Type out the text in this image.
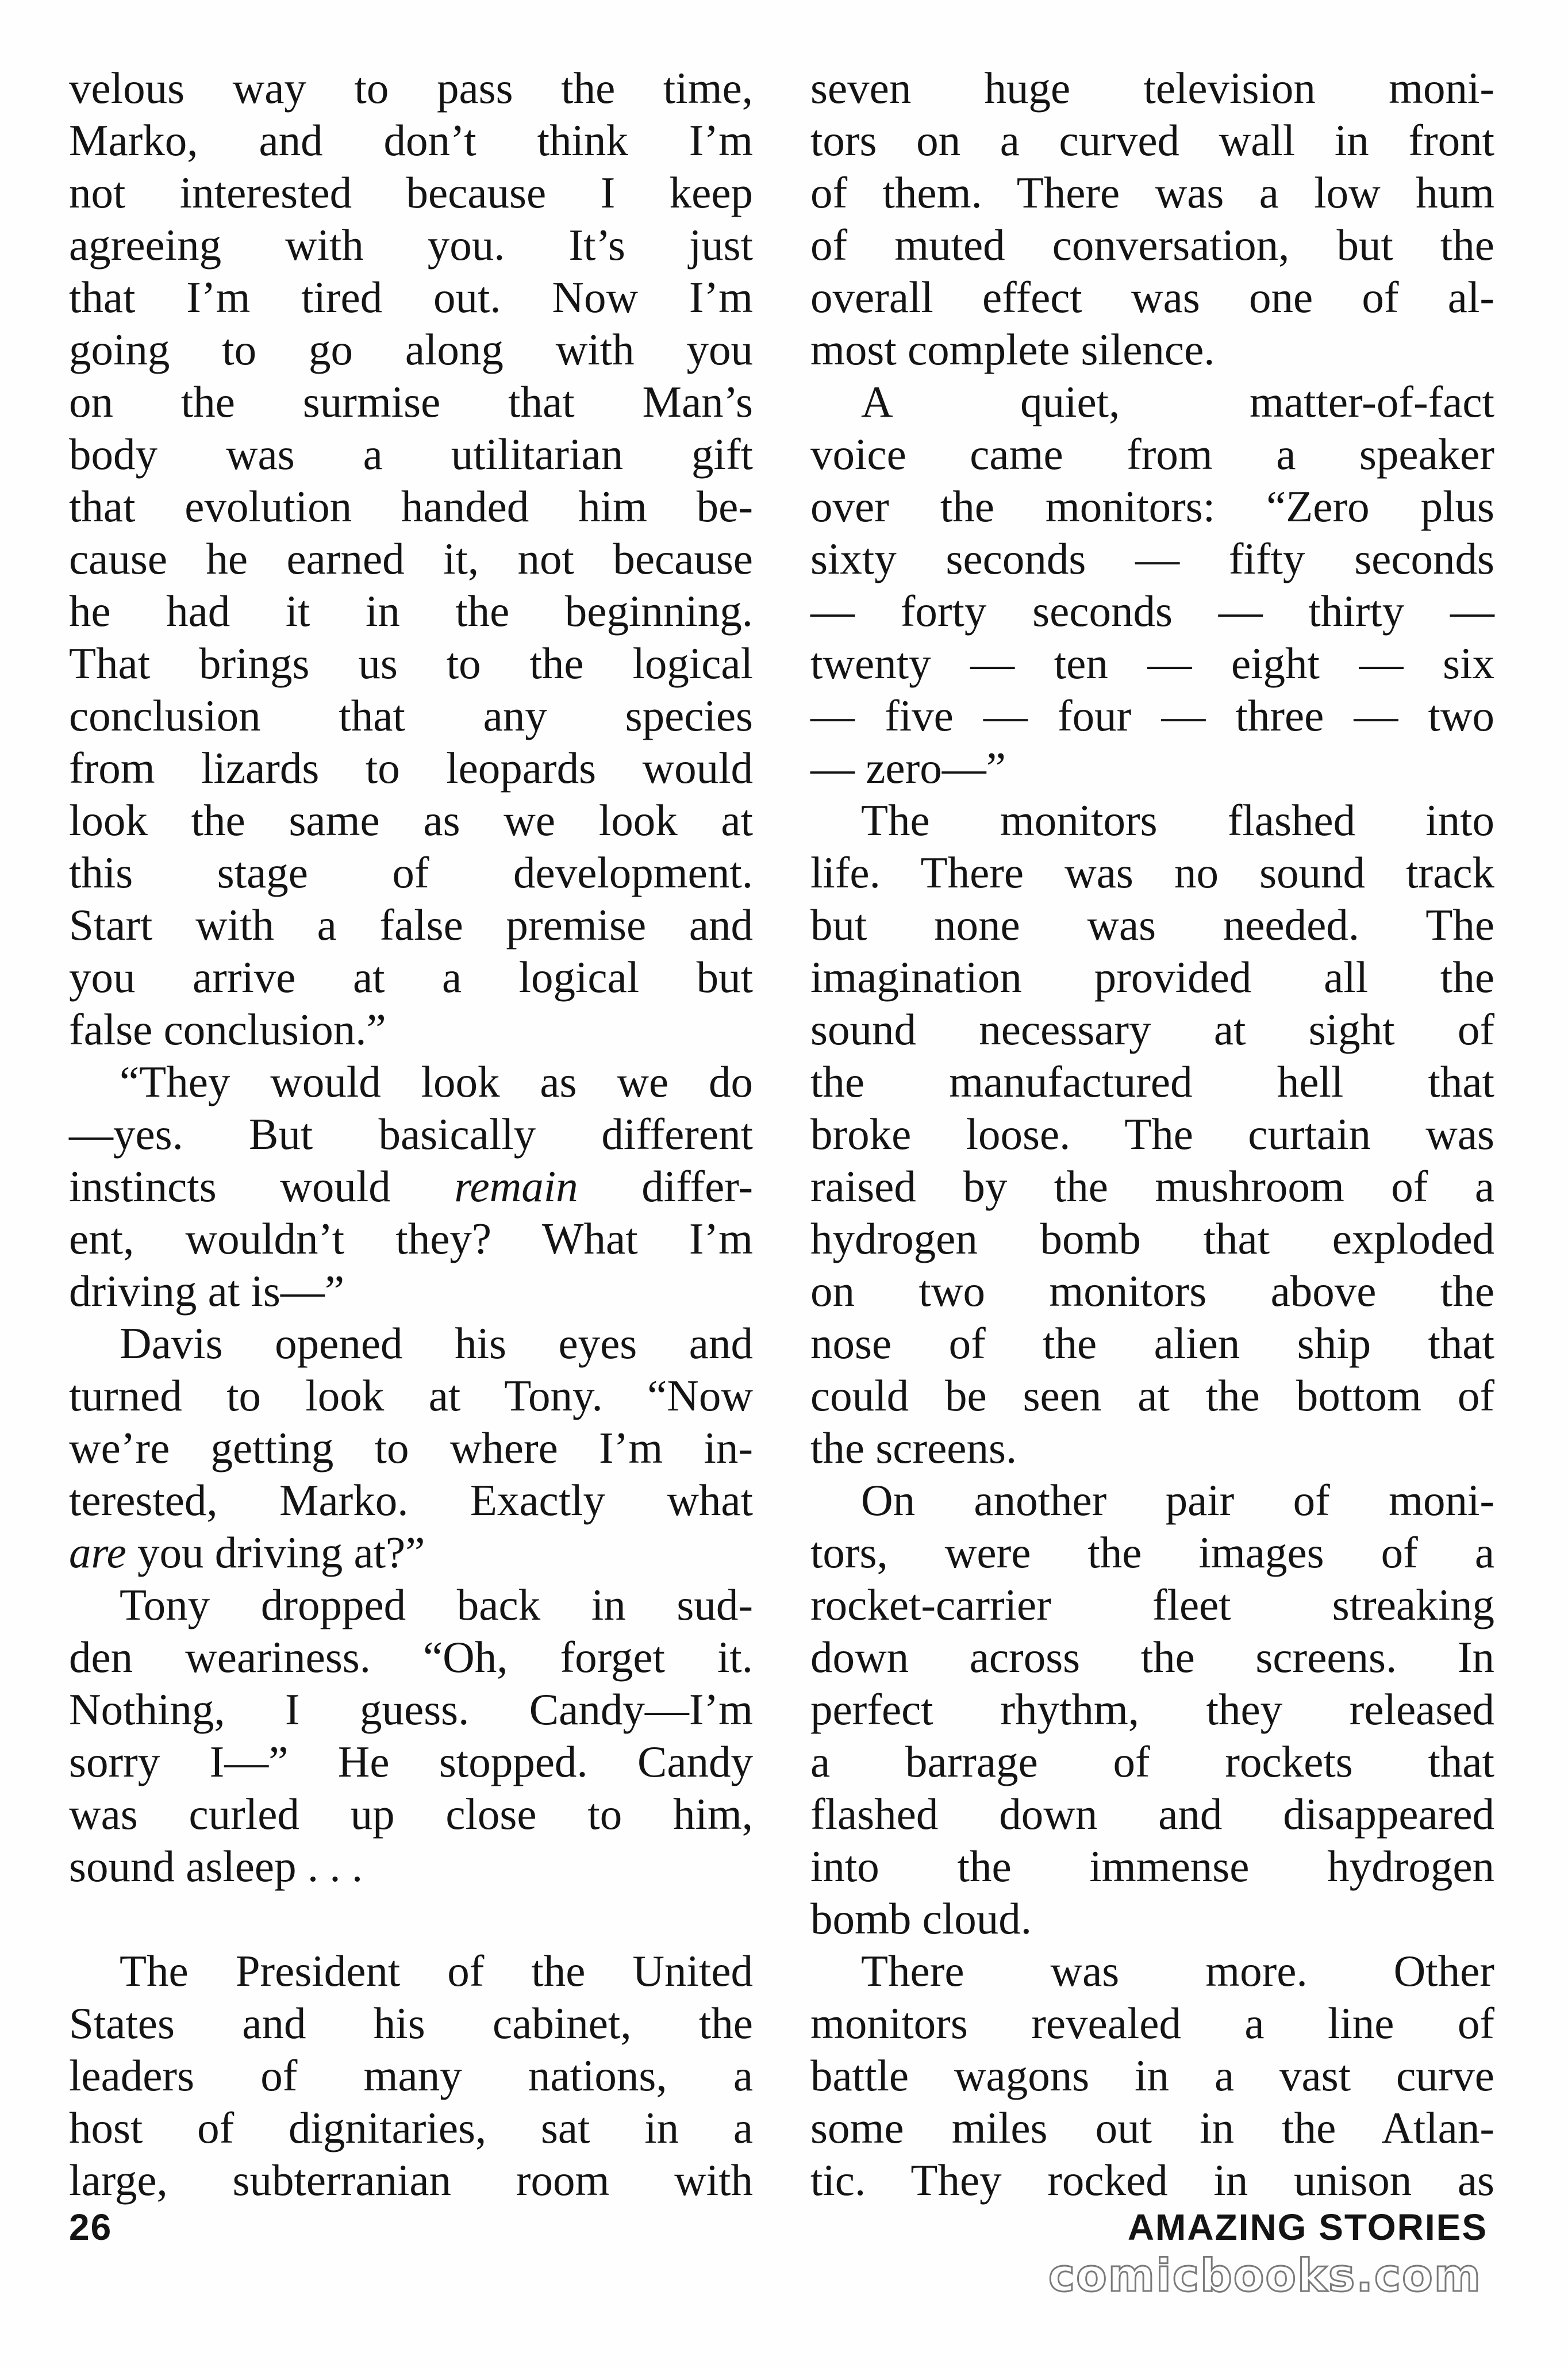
velous way to pass the time,
Marko, and don’t think I’m
not interested because I keep
agreeing with you. It’s just
that I’m tired out. Now I’m
going to go along with you
on the surmise that Man’s
body was a utilitarian gift
that evolution handed him be-
cause he earned it, not because
he had it in the beginning.
That brings us to the logical
conclusion that any species
from lizards to leopards would
look the same as we look at
this stage of development.
Start with a false premise and
you arrive at a logical but
false conclusion.”
“They would look as we do
—yes. But basically different
instincts would remain differ-
ent, wouldn’t they? What I’m
driving at is—”
Davis opened his eyes and
turned to look at Tony. “Now
we’re getting to where I’m in-
terested, Marko. Exactly what
are you driving at?”
Tony dropped back in sud-
den weariness. “Oh, forget it.
Nothing, I guess. Candy—I’m
sorry I—” He stopped. Candy
was curled up close to him,
sound asleep . . .
The President of the United
States and his cabinet, the
leaders of many nations, a
host of dignitaries, sat in a
large, subterranian room with
seven huge television moni-
tors on a curved wall in front
of them. There was a low hum
of muted conversation, but the
overall effect was one of al-
most complete silence.
A quiet, matter-of-fact
voice came from a speaker
over the monitors: “Zero plus
sixty seconds — fifty seconds
— forty seconds — thirty —
twenty — ten — eight — six
— five — four — three — two
— zero—”
The monitors flashed into
life. There was no sound track
but none was needed. The
imagination provided all the
sound necessary at sight of
the manufactured hell that
broke loose. The curtain was
raised by the mushroom of a
hydrogen bomb that exploded
on two monitors above the
nose of the alien ship that
could be seen at the bottom of
the screens.
On another pair of moni-
tors, were the images of a
rocket-carrier fleet streaking
down across the screens. In
perfect rhythm, they released
a barrage of rockets that
flashed down and disappeared
into the immense hydrogen
bomb cloud.
There was more. Other
monitors revealed a line of
battle wagons in a vast curve
some miles out in the Atlan-
tic. They rocked in unison as
26	AMAZING STORIES
comicbooks.com
